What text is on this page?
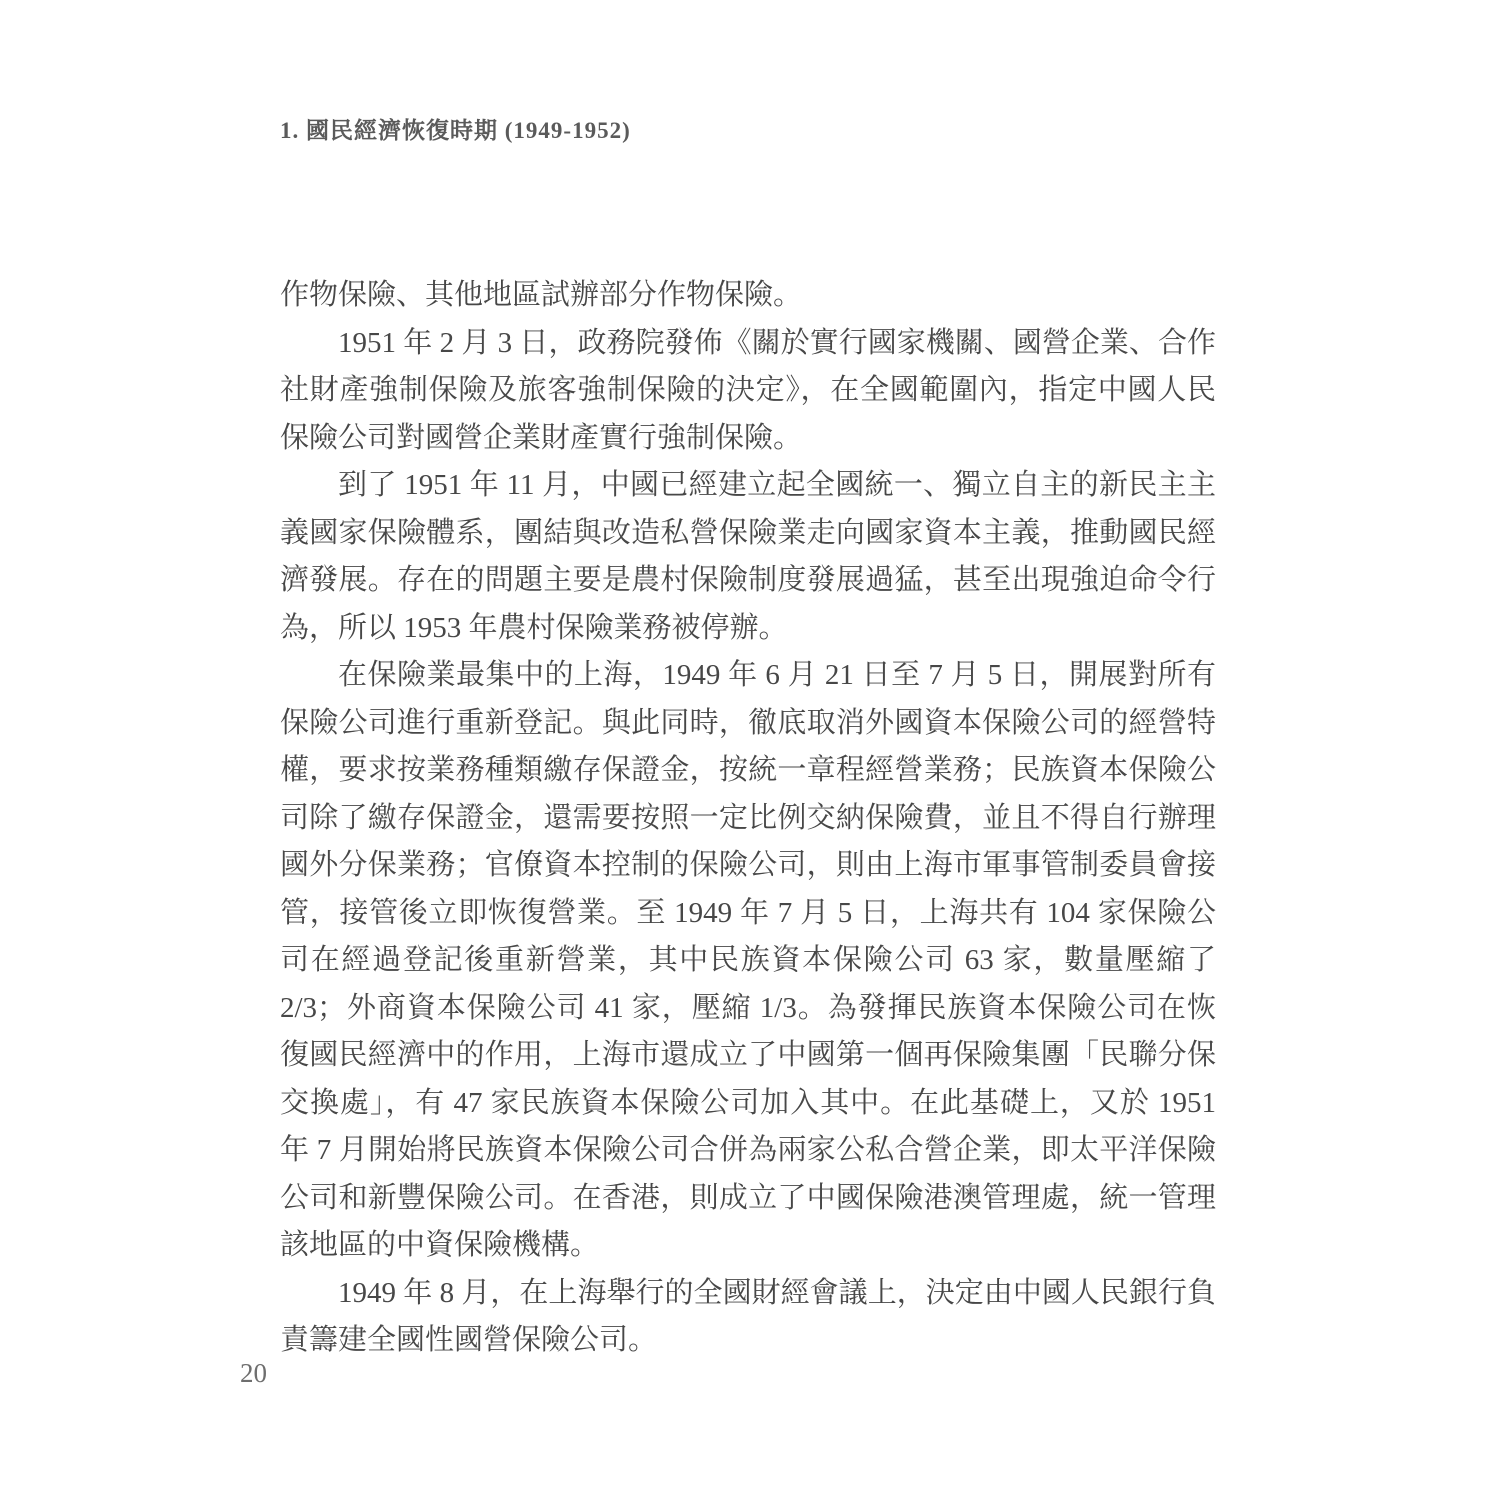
1. 國民經濟恢復時期 (1949-1952)

作物保險、其他地區試辦部分作物保險。

1951 年 2 月 3 日，政務院發佈《關於實行國家機關、國營企業、合作社財產強制保險及旅客強制保險的決定》，在全國範圍內，指定中國人民保險公司對國營企業財產實行強制保險。

到了 1951 年 11 月，中國已經建立起全國統一、獨立自主的新民主主義國家保險體系，團結與改造私營保險業走向國家資本主義，推動國民經濟發展。存在的問題主要是農村保險制度發展過猛，甚至出現強迫命令行為，所以 1953 年農村保險業務被停辦。

在保險業最集中的上海，1949 年 6 月 21 日至 7 月 5 日，開展對所有保險公司進行重新登記。與此同時，徹底取消外國資本保險公司的經營特權，要求按業務種類繳存保證金，按統一章程經營業務；民族資本保險公司除了繳存保證金，還需要按照一定比例交納保險費，並且不得自行辦理國外分保業務；官僚資本控制的保險公司，則由上海市軍事管制委員會接管，接管後立即恢復營業。至 1949 年 7 月 5 日，上海共有 104 家保險公司在經過登記後重新營業，其中民族資本保險公司 63 家，數量壓縮了 2/3；外商資本保險公司 41 家，壓縮 1/3。為發揮民族資本保險公司在恢復國民經濟中的作用，上海市還成立了中國第一個再保險集團「民聯分保交換處」，有 47 家民族資本保險公司加入其中。在此基礎上，又於 1951 年 7 月開始將民族資本保險公司合併為兩家公私合營企業，即太平洋保險公司和新豐保險公司。在香港，則成立了中國保險港澳管理處，統一管理該地區的中資保險機構。

1949 年 8 月，在上海舉行的全國財經會議上，決定由中國人民銀行負責籌建全國性國營保險公司。

20
